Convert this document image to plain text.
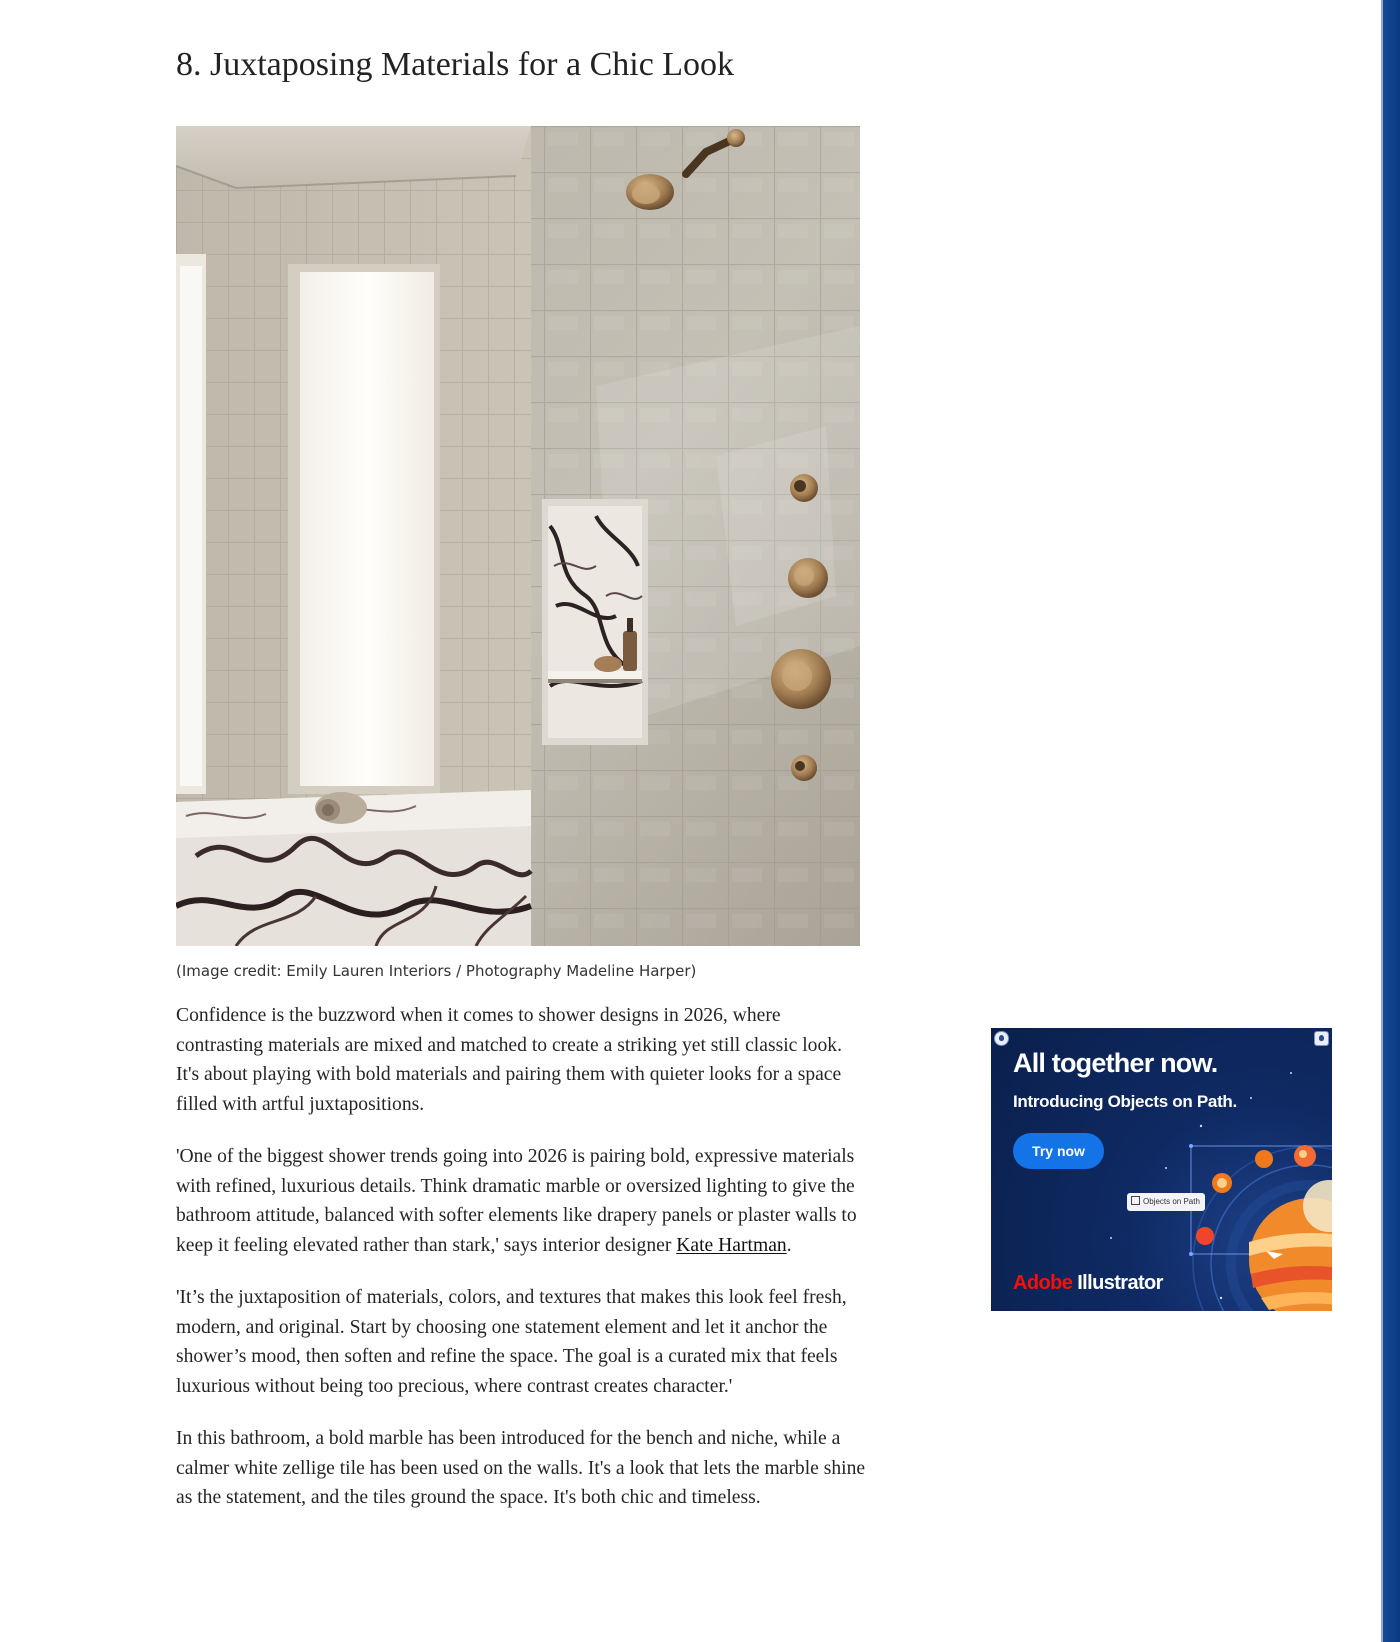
8. Juxtaposing Materials for a Chic Look
(Image credit: Emily Lauren Interiors / Photography Madeline Harper)

Confidence is the buzzword when it comes to shower designs in 2026, where contrasting materials are mixed and matched to create a striking yet still classic look. It's about playing with bold materials and pairing them with quieter looks for a space filled with artful juxtapositions.

'One of the biggest shower trends going into 2026 is pairing bold, expressive materials with refined, luxurious details. Think dramatic marble or oversized lighting to give the bathroom attitude, balanced with softer elements like drapery panels or plaster walls to keep it feeling elevated rather than stark,' says interior designer Kate Hartman.

'It’s the juxtaposition of materials, colors, and textures that makes this look feel fresh, modern, and original. Start by choosing one statement element and let it anchor the shower’s mood, then soften and refine the space. The goal is a curated mix that feels luxurious without being too precious, where contrast creates character.'

In this bathroom, a bold marble has been introduced for the bench and niche, while a calmer white zellige tile has been used on the walls. It's a look that lets the marble shine as the statement, and the tiles ground the space. It's both chic and timeless.

All together now.
Introducing Objects on Path.
Try now
Objects on Path
Adobe Illustrator
